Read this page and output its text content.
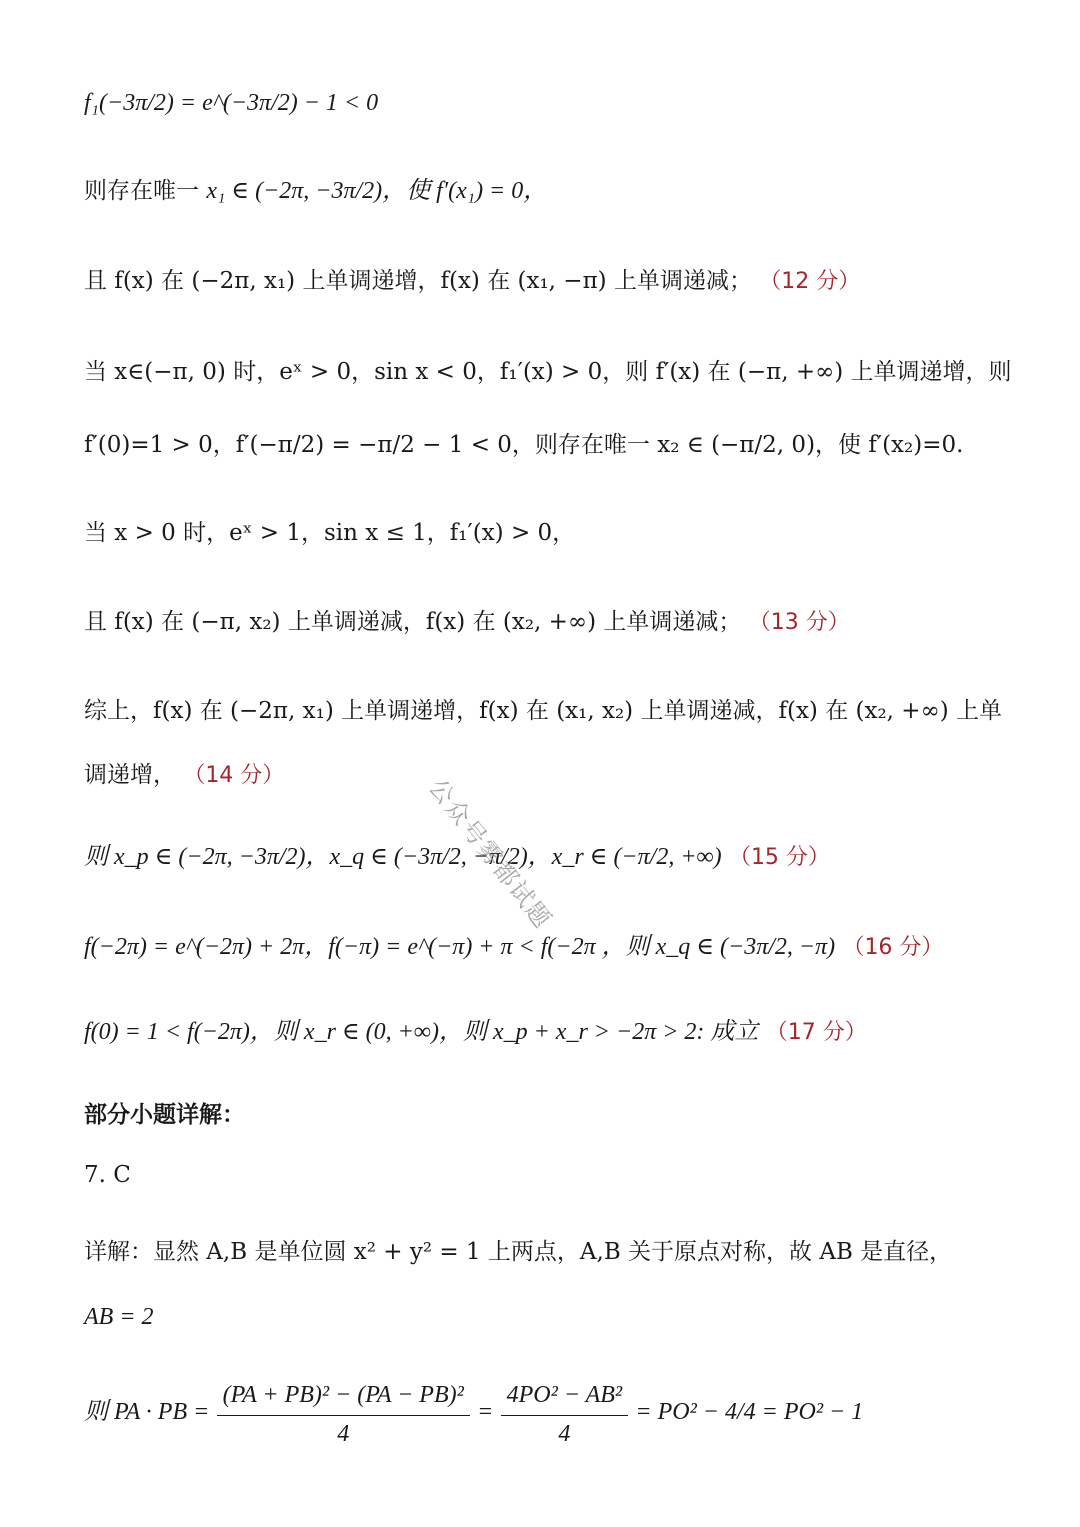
f₁(−3π/2) = e^(−3π/2) − 1 < 0
则存在唯一 x₁ ∈ (−2π, −3π/2)，使 f′(x₁) = 0，
且 f(x) 在 (−2π, x₁) 上单调递增，f(x) 在 (x₁, −π) 上单调递减； （12 分）
当 x∈(−π, 0) 时，eˣ > 0，sin x < 0，f₁′(x) > 0，则 f′(x) 在 (−π, +∞) 上单调递增，则
f′(0)=1 > 0，f′(−π/2) = −π/2 − 1 < 0，则存在唯一 x₂ ∈ (−π/2, 0)，使 f′(x₂)=0.
当 x > 0 时，eˣ > 1，sin x ≤ 1，f₁′(x) > 0，
且 f(x) 在 (−π, x₂) 上单调递减，f(x) 在 (x₂, +∞) 上单调递减； （13 分）
综上，f(x) 在 (−2π, x₁) 上单调递增，f(x) 在 (x₁, x₂) 上单调递减，f(x) 在 (x₂, +∞) 上单
调递增， （14 分）
则 x_p ∈ (−2π, −3π/2)，x_q ∈ (−3π/2, −π/2)，x_r ∈ (−π/2, +∞) （15 分）
f(−2π) = e^(−2π) + 2π，f(−π) = e^(−π) + π < f(−2π ，则 x_q ∈ (−3π/2, −π) （16 分）
f(0) = 1 < f(−2π)，则 x_r ∈ (0, +∞)，则 x_p + x_r > −2π > 2: 成立 （17 分）
部分小题详解：
7. C
详解：显然 A,B 是单位圆 x² + y² = 1 上两点，A,B 关于原点对称，故 AB 是直径，
AB = 2
则 PA · PB = $\frac{\text{(PA + PB)² − (PA − PB)²}}{4} = \frac{\text{4PO² − AB²}}{4} = PO^2 - 4/4 = PO^2 - 1$
公众号雾都试题
